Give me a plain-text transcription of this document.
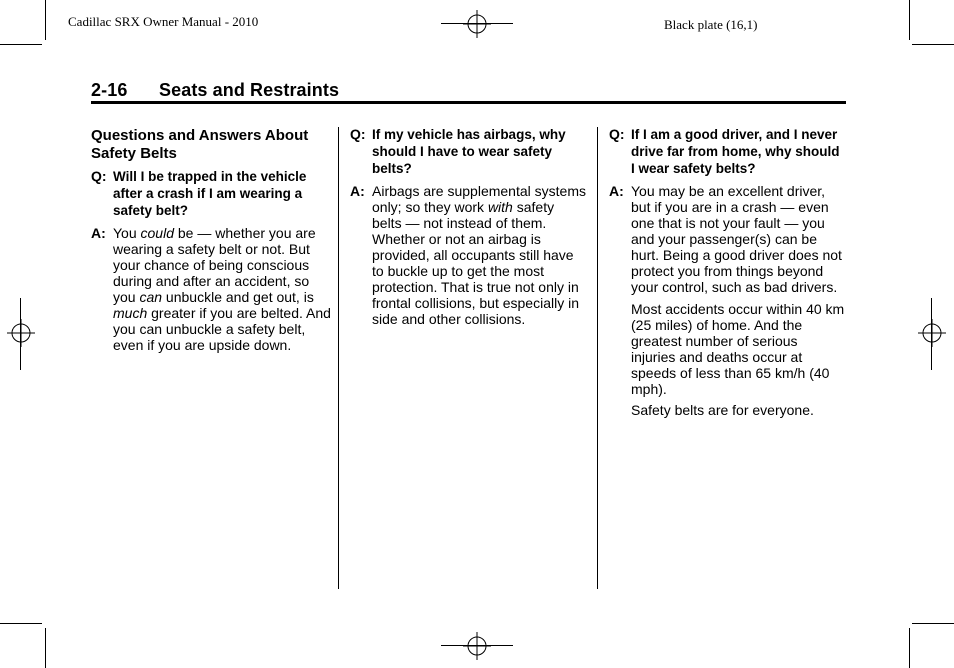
Cadillac SRX Owner Manual - 2010	Black plate (16,1)
2-16 Seats and Restraints
Questions and Answers About Safety Belts
Q: Will I be trapped in the vehicle after a crash if I am wearing a safety belt?
A: You could be — whether you are wearing a safety belt or not. But your chance of being conscious during and after an accident, so you can unbuckle and get out, is much greater if you are belted. And you can unbuckle a safety belt, even if you are upside down.
Q: If my vehicle has airbags, why should I have to wear safety belts?
A: Airbags are supplemental systems only; so they work with safety belts — not instead of them. Whether or not an airbag is provided, all occupants still have to buckle up to get the most protection. That is true not only in frontal collisions, but especially in side and other collisions.
Q: If I am a good driver, and I never drive far from home, why should I wear safety belts?
A: You may be an excellent driver, but if you are in a crash — even one that is not your fault — you and your passenger(s) can be hurt. Being a good driver does not protect you from things beyond your control, such as bad drivers.
Most accidents occur within 40 km (25 miles) of home. And the greatest number of serious injuries and deaths occur at speeds of less than 65 km/h (40 mph).
Safety belts are for everyone.
